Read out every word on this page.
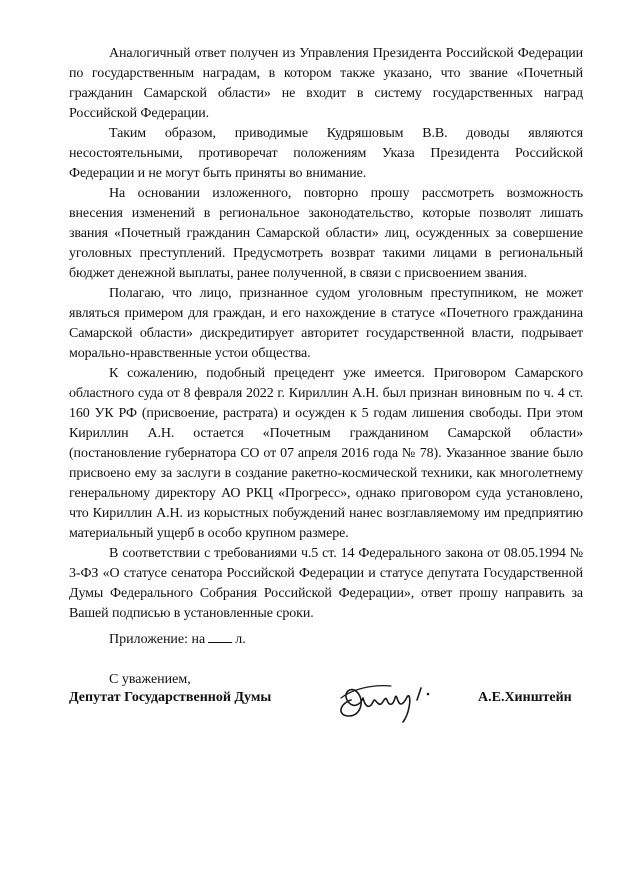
Аналогичный ответ получен из Управления Президента Российской Федерации по государственным наградам, в котором также указано, что звание «Почетный гражданин Самарской области» не входит в систему государственных наград Российской Федерации.

Таким образом, приводимые Кудряшовым В.В. доводы являются несостоятельными, противоречат положениям Указа Президента Российской Федерации и не могут быть приняты во внимание.

На основании изложенного, повторно прошу рассмотреть возможность внесения изменений в региональное законодательство, которые позволят лишать звания «Почетный гражданин Самарской области» лиц, осужденных за совершение уголовных преступлений. Предусмотреть возврат такими лицами в региональный бюджет денежной выплаты, ранее полученной, в связи с присвоением звания.

Полагаю, что лицо, признанное судом уголовным преступником, не может являться примером для граждан, и его нахождение в статусе «Почетного гражданина Самарской области» дискредитирует авторитет государственной власти, подрывает морально-нравственные устои общества.

К сожалению, подобный прецедент уже имеется. Приговором Самарского областного суда от 8 февраля 2022 г. Кириллин А.Н. был признан виновным по ч. 4 ст. 160 УК РФ (присвоение, растрата) и осужден к 5 годам лишения свободы. При этом Кириллин А.Н. остается «Почетным гражданином Самарской области» (постановление губернатора СО от 07 апреля 2016 года № 78). Указанное звание было присвоено ему за заслуги в создание ракетно-космической техники, как многолетнему генеральному директору АО РКЦ «Прогресс», однако приговором суда установлено, что Кириллин А.Н. из корыстных побуждений нанес возглавляемому им предприятию материальный ущерб в особо крупном размере.

В соответствии с требованиями ч.5 ст. 14 Федерального закона от 08.05.1994 № 3-ФЗ «О статусе сенатора Российской Федерации и статусе депутата Государственной Думы Федерального Собрания Российской Федерации», ответ прошу направить за Вашей подписью в установленные сроки.

Приложение: на л.

С уважением,

Депутат Государственной Думы	А.Е.Хинштейн
